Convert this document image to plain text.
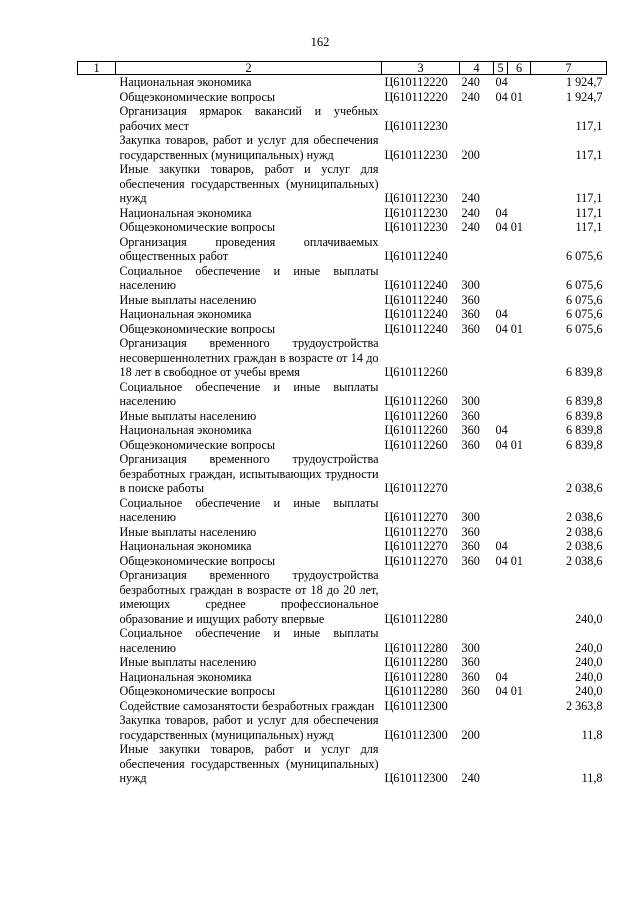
162
1	2	3	4	5	6	7

	Национальная экономика	Ц610112220	240	04		1 924,7

	Общеэкономические вопросы	Ц610112220	240	04 01		1 924,7

	Организация ярмарок вакансий и учебных рабочих мест	Ц610112230				117,1

	Закупка товаров, работ и услуг для обеспечения государственных (муниципальных) нужд	Ц610112230	200			117,1

	Иные закупки товаров, работ и услуг для обеспечения государственных (муниципальных) нужд	Ц610112230	240			117,1

	Национальная экономика	Ц610112230	240	04		117,1

	Общеэкономические вопросы	Ц610112230	240	04 01		117,1

	Организация проведения оплачиваемых общественных работ	Ц610112240				6 075,6

	Социальное обеспечение и иные выплаты населению	Ц610112240	300			6 075,6

	Иные выплаты населению	Ц610112240	360			6 075,6

	Национальная экономика	Ц610112240	360	04		6 075,6

	Общеэкономические вопросы	Ц610112240	360	04 01		6 075,6

	Организация временного трудоустройства несовершеннолетних граждан в возрасте от 14 до 18 лет в свободное от учебы время	Ц610112260				6 839,8

	Социальное обеспечение и иные выплаты населению	Ц610112260	300			6 839,8

	Иные выплаты населению	Ц610112260	360			6 839,8

	Национальная экономика	Ц610112260	360	04		6 839,8

	Общеэкономические вопросы	Ц610112260	360	04 01		6 839,8

	Организация временного трудоустройства безработных граждан, испытывающих трудности в поиске работы	Ц610112270				2 038,6

	Социальное обеспечение и иные выплаты населению	Ц610112270	300			2 038,6

	Иные выплаты населению	Ц610112270	360			2 038,6

	Национальная экономика	Ц610112270	360	04		2 038,6

	Общеэкономические вопросы	Ц610112270	360	04 01		2 038,6

	Организация временного трудоустройства безработных граждан в возрасте от 18 до 20 лет, имеющих среднее профессиональное образование и ищущих работу впервые	Ц610112280				240,0

	Социальное обеспечение и иные выплаты населению	Ц610112280	300			240,0

	Иные выплаты населению	Ц610112280	360			240,0

	Национальная экономика	Ц610112280	360	04		240,0

	Общеэкономические вопросы	Ц610112280	360	04 01		240,0

	Содействие самозанятости безработных граждан	Ц610112300				2 363,8

	Закупка товаров, работ и услуг для обеспечения государственных (муниципальных) нужд	Ц610112300	200			11,8

	Иные закупки товаров, работ и услуг для обеспечения государственных (муниципальных) нужд	Ц610112300	240			11,8
